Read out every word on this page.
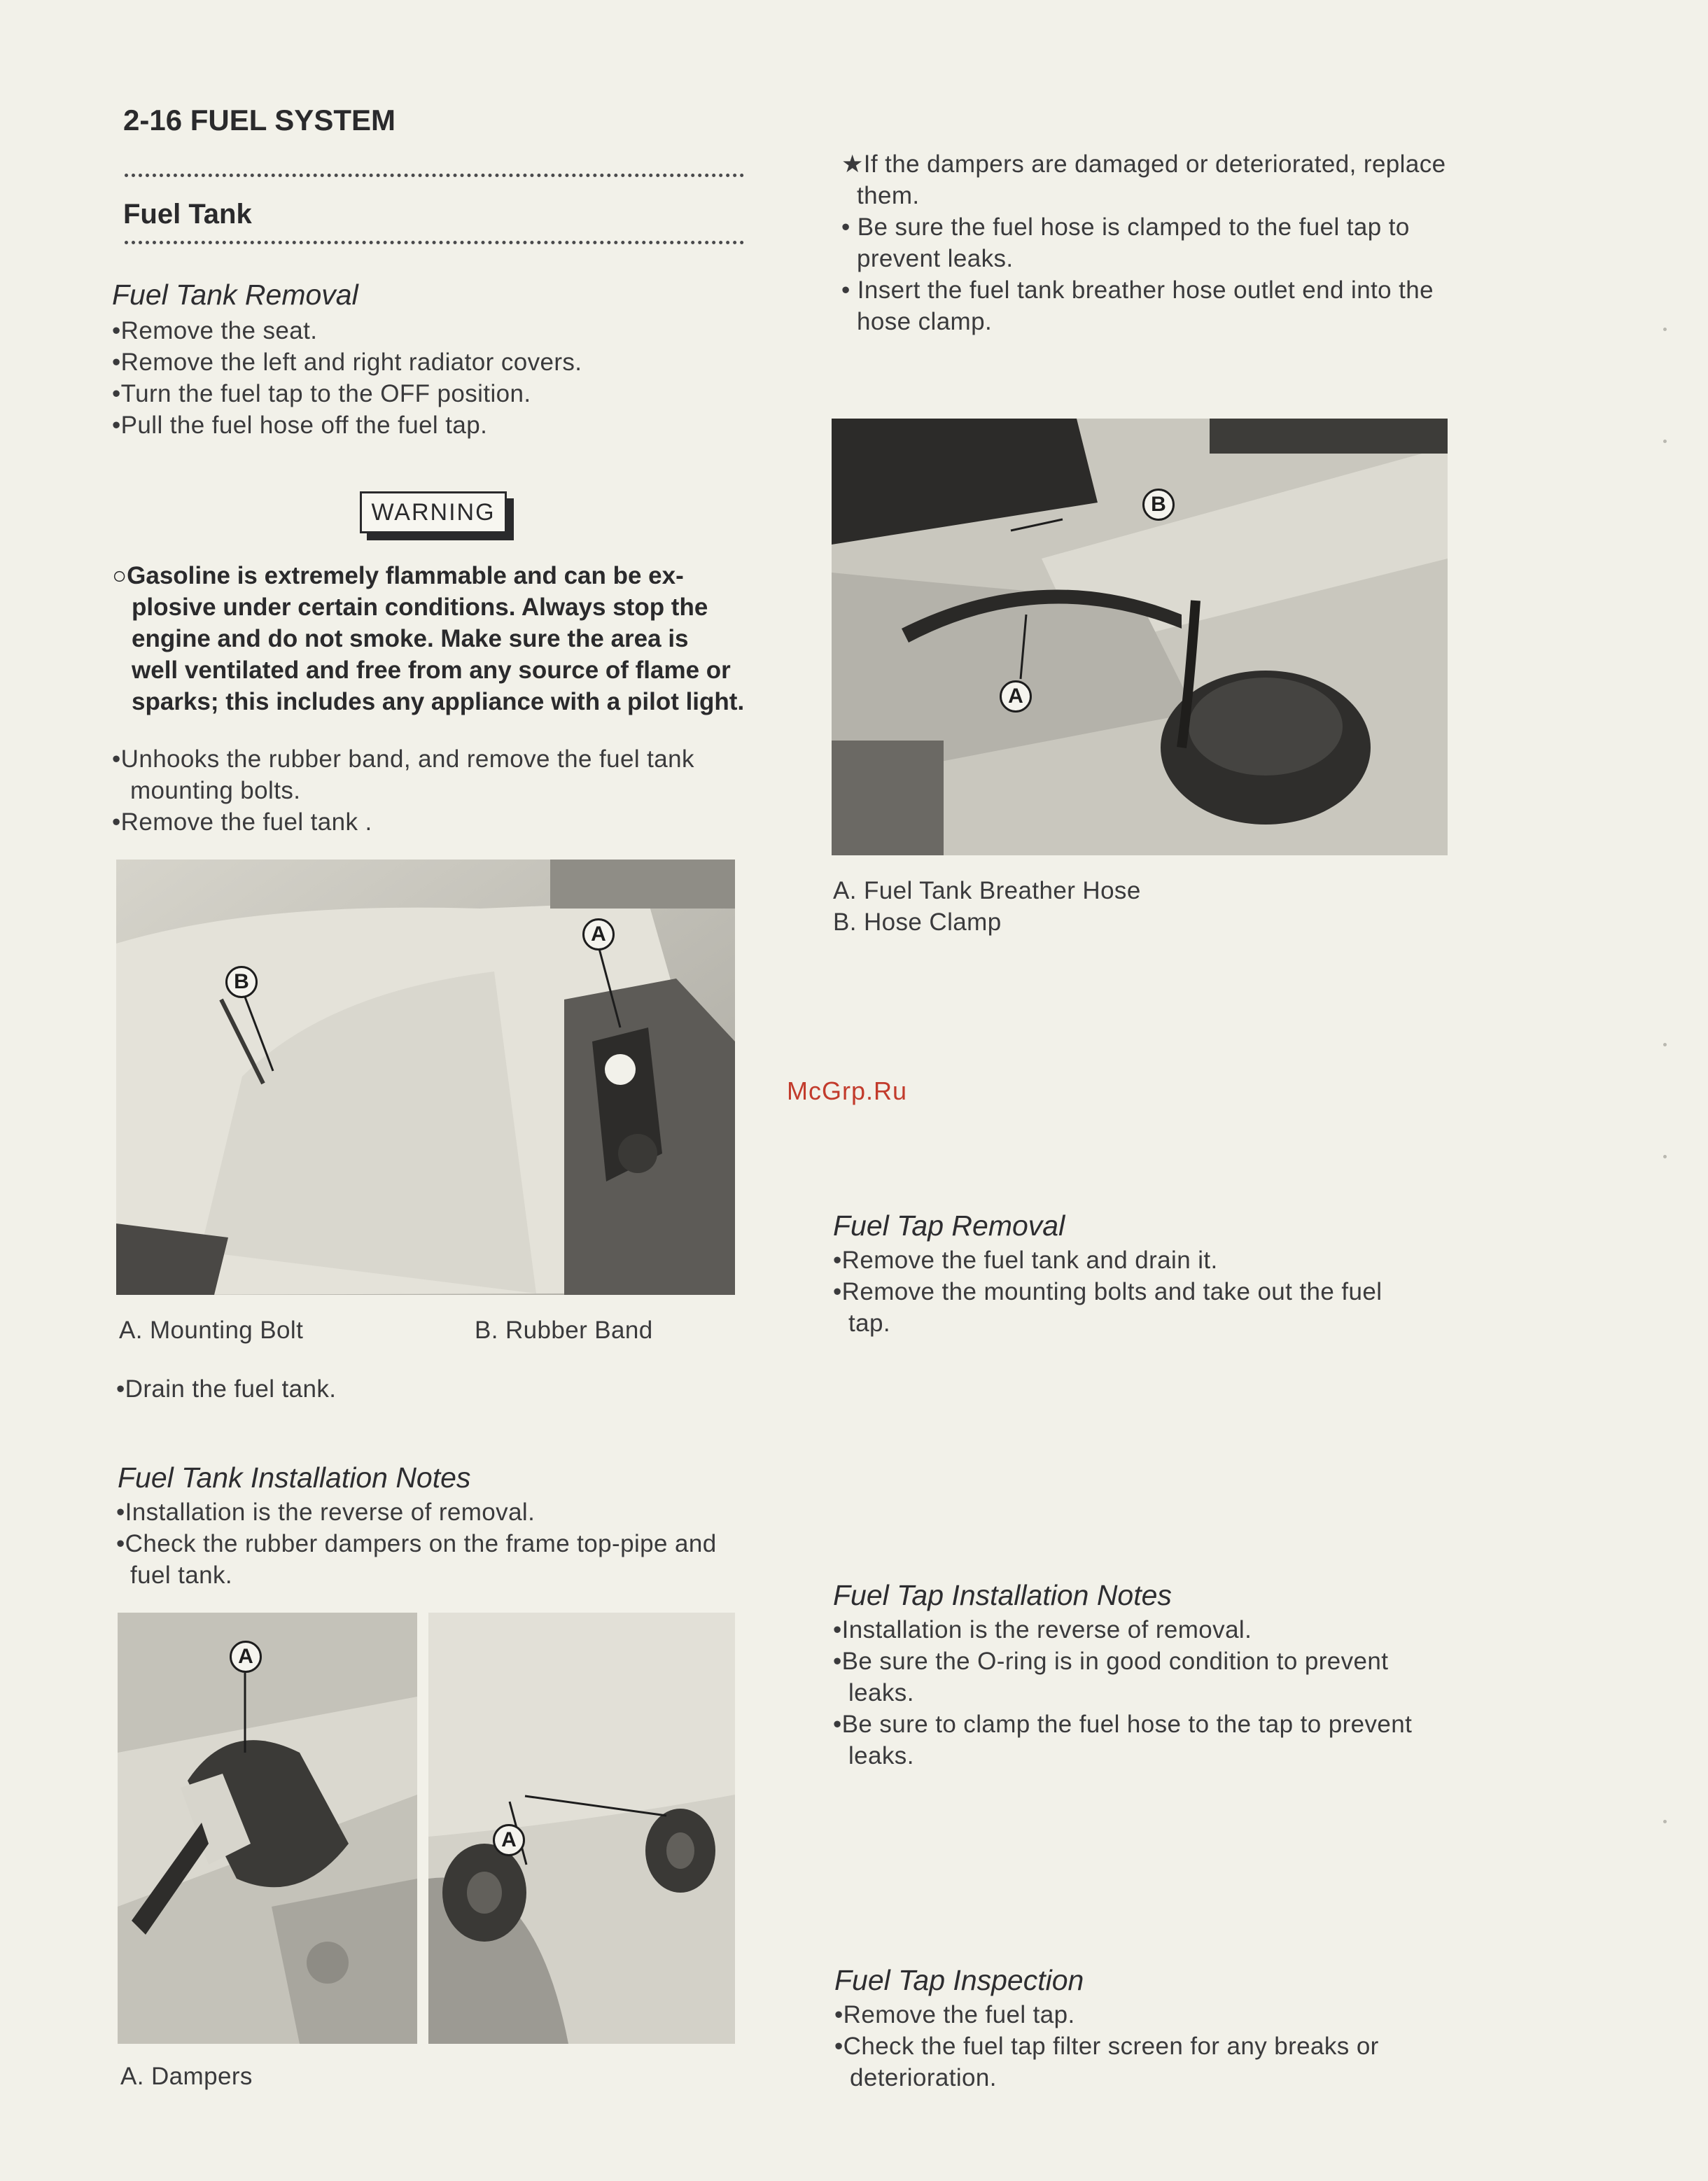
2-16 FUEL SYSTEM
Fuel Tank
Fuel Tank Removal
•Remove the seat.
•Remove the left and right radiator covers.
•Turn the fuel tap to the OFF position.
•Pull the fuel hose off the fuel tap.
WARNING
○Gasoline is extremely flammable and can be ex-
plosive under certain conditions. Always stop the
engine and do not smoke. Make sure the area is
well ventilated and free from any source of flame or
sparks; this includes any appliance with a pilot light.
•Unhooks the rubber band, and remove the fuel tank
mounting bolts.
•Remove the fuel tank .
B
A
A. Mounting Bolt	B. Rubber Band
•Drain the fuel tank.
Fuel Tank Installation Notes
•Installation is the reverse of removal.
•Check the rubber dampers on the frame top-pipe and
fuel tank.
A
A
A. Dampers
★If the dampers are damaged or deteriorated, replace
them.
• Be sure the fuel hose is clamped to the fuel tap to
prevent leaks.
• Insert the fuel tank breather hose outlet end into the
hose clamp.
B
A
A. Fuel Tank Breather Hose
B. Hose Clamp
McGrp.Ru
Fuel Tap Removal
•Remove the fuel tank and drain it.
•Remove the mounting bolts and take out the fuel
tap.
Fuel Tap Installation Notes
•Installation is the reverse of removal.
•Be sure the O-ring is in good condition to prevent
leaks.
•Be sure to clamp the fuel hose to the tap to prevent
leaks.
Fuel Tap Inspection
•Remove the fuel tap.
•Check the fuel tap filter screen for any breaks or
deterioration.
